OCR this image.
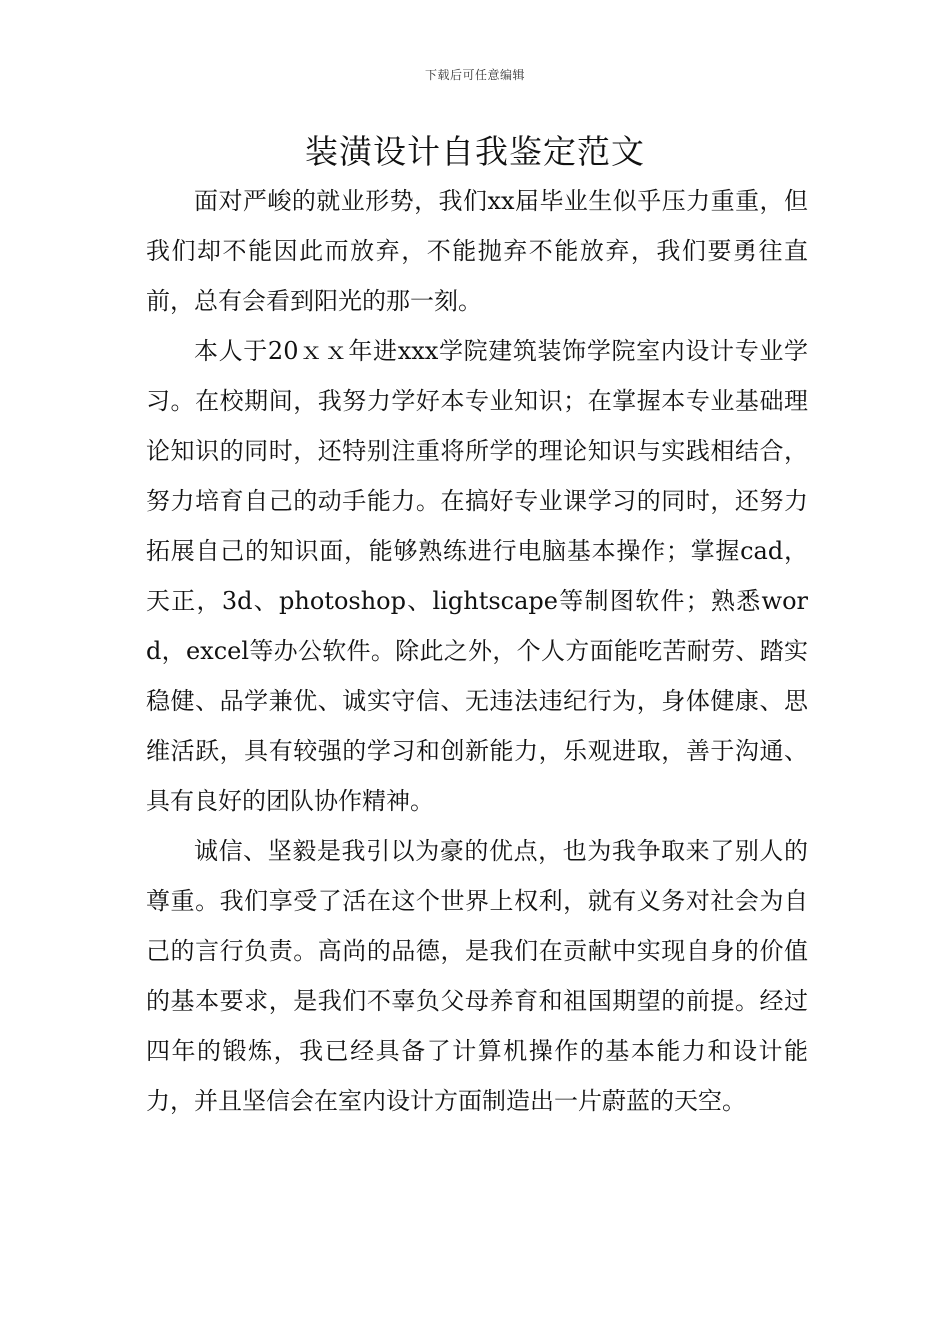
下载后可任意编辑
装潢设计自我鉴定范文

面对严峻的就业形势，我们xx届毕业生似乎压力重重，但我们却不能因此而放弃，不能抛弃不能放弃，我们要勇往直前，总有会看到阳光的那一刻。

本人于20ｘｘ年进xxx学院建筑装饰学院室内设计专业学习。在校期间，我努力学好本专业知识；在掌握本专业基础理论知识的同时，还特别注重将所学的理论知识与实践相结合，努力培育自己的动手能力。在搞好专业课学习的同时，还努力拓展自己的知识面，能够熟练进行电脑基本操作；掌握cad，天正，3d、photoshop、lightscape等制图软件；熟悉word，excel等办公软件。除此之外，个人方面能吃苦耐劳、踏实稳健、品学兼优、诚实守信、无违法违纪行为，身体健康、思维活跃，具有较强的学习和创新能力，乐观进取，善于沟通、具有良好的团队协作精神。

诚信、坚毅是我引以为豪的优点，也为我争取来了别人的尊重。我们享受了活在这个世界上权利，就有义务对社会为自己的言行负责。高尚的品德，是我们在贡献中实现自身的价值的基本要求，是我们不辜负父母养育和祖国期望的前提。经过四年的锻炼，我已经具备了计算机操作的基本能力和设计能力，并且坚信会在室内设计方面制造出一片蔚蓝的天空。
